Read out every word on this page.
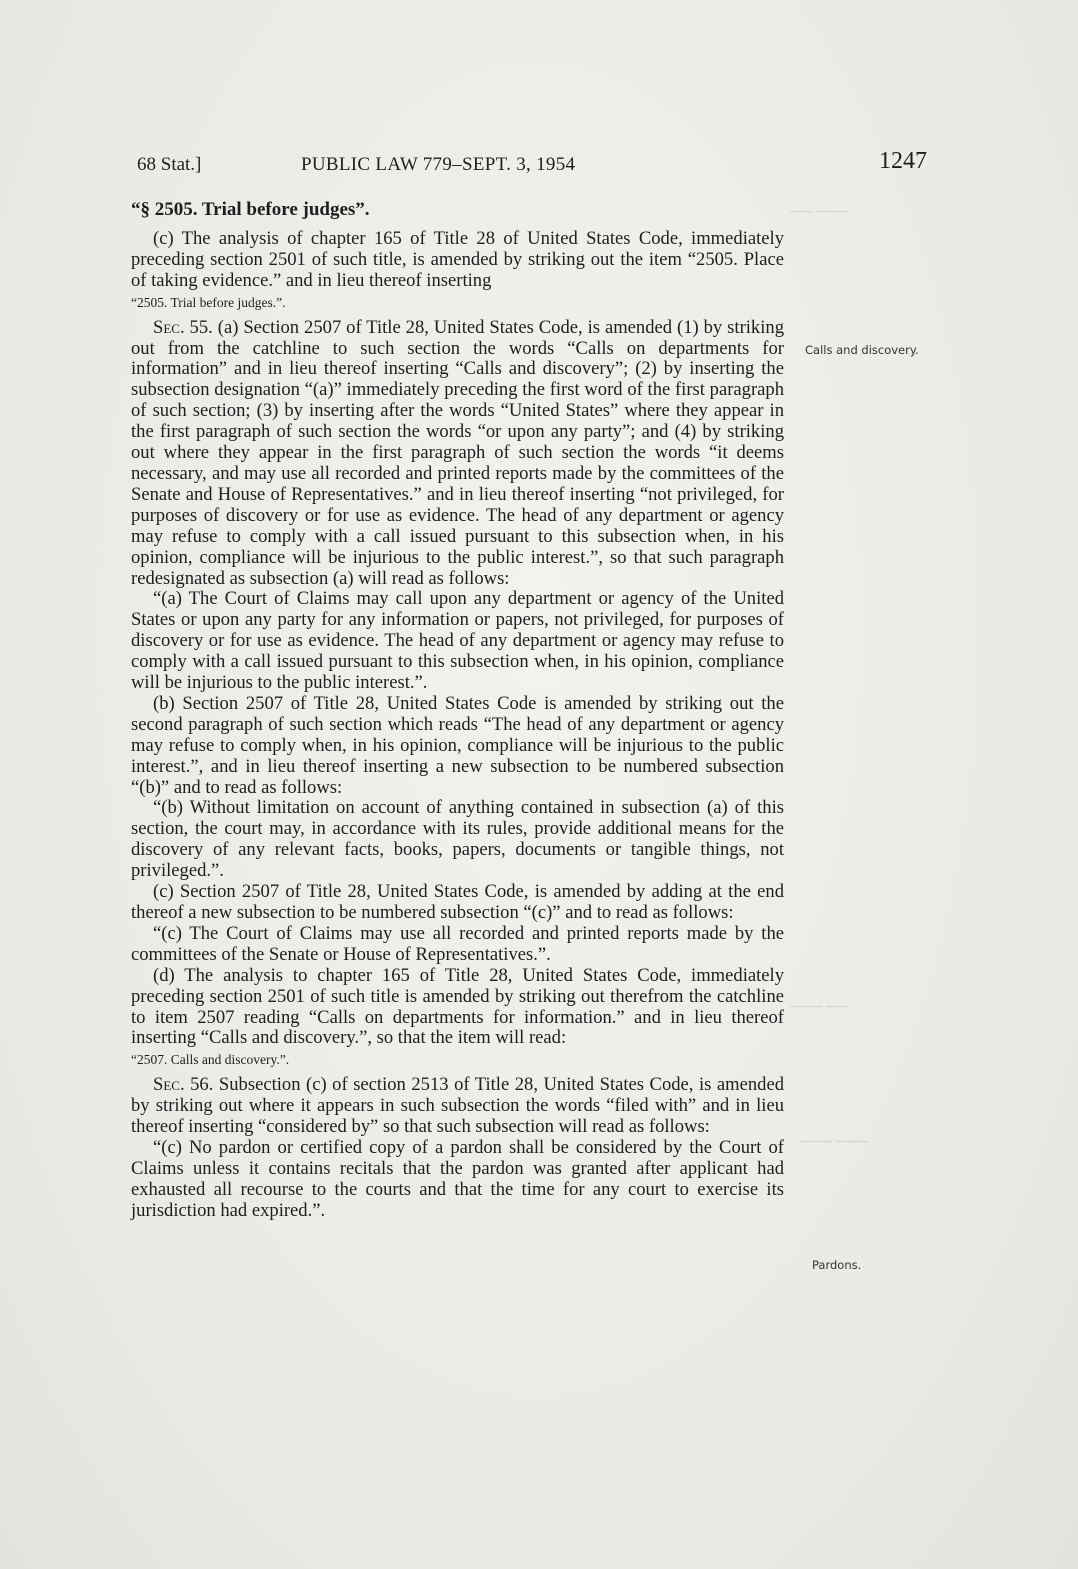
⁓⁓ ⁓⁓⁓
⁓⁓⁓ ⁓⁓
⁓⁓⁓ ⁓⁓⁓
68 Stat.]	PUBLIC LAW 779–SEPT. 3, 1954	1247

“§ 2505. Trial before judges”.

(c) The analysis of chapter 165 of Title 28 of United States Code, immediately preceding section 2501 of such title, is amended by striking out the item “2505. Place of taking evidence.” and in lieu thereof inserting

“2505. Trial before judges.”.

Sec. 55. (a) Section 2507 of Title 28, United States Code, is amended (1) by striking out from the catchline to such section the words “Calls on departments for information” and in lieu thereof inserting “Calls and discovery”; (2) by inserting the subsection designation “(a)” immediately preceding the first word of the first paragraph of such section; (3) by inserting after the words “United States” where they appear in the first paragraph of such section the words “or upon any party”; and (4) by striking out where they appear in the first paragraph of such section the words “it deems necessary, and may use all recorded and printed reports made by the committees of the Senate and House of Representatives.” and in lieu thereof inserting “not privileged, for purposes of discovery or for use as evidence. The head of any department or agency may refuse to comply with a call issued pursuant to this subsection when, in his opinion, compliance will be injurious to the public interest.”, so that such paragraph redesignated as subsection (a) will read as follows:

“(a) The Court of Claims may call upon any department or agency of the United States or upon any party for any information or papers, not privileged, for purposes of discovery or for use as evidence. The head of any department or agency may refuse to comply with a call issued pursuant to this subsection when, in his opinion, compliance will be injurious to the public interest.”.

(b) Section 2507 of Title 28, United States Code is amended by striking out the second paragraph of such section which reads “The head of any department or agency may refuse to comply when, in his opinion, compliance will be injurious to the public interest.”, and in lieu thereof inserting a new subsection to be numbered subsection “(b)” and to read as follows:

“(b) Without limitation on account of anything contained in subsection (a) of this section, the court may, in accordance with its rules, provide additional means for the discovery of any relevant facts, books, papers, documents or tangible things, not privileged.”.

(c) Section 2507 of Title 28, United States Code, is amended by adding at the end thereof a new subsection to be numbered subsection “(c)” and to read as follows:

“(c) The Court of Claims may use all recorded and printed reports made by the committees of the Senate or House of Representatives.”.

(d) The analysis to chapter 165 of Title 28, United States Code, immediately preceding section 2501 of such title is amended by striking out therefrom the catchline to item 2507 reading “Calls on departments for information.” and in lieu thereof inserting “Calls and discovery.”, so that the item will read:

“2507. Calls and discovery.”.

Sec. 56. Subsection (c) of section 2513 of Title 28, United States Code, is amended by striking out where it appears in such subsection the words “filed with” and in lieu thereof inserting “considered by” so that such subsection will read as follows:

“(c) No pardon or certified copy of a pardon shall be considered by the Court of Claims unless it contains recitals that the pardon was granted after applicant had exhausted all recourse to the courts and that the time for any court to exercise its jurisdiction had expired.”.

Calls and discovery.
Pardons.
